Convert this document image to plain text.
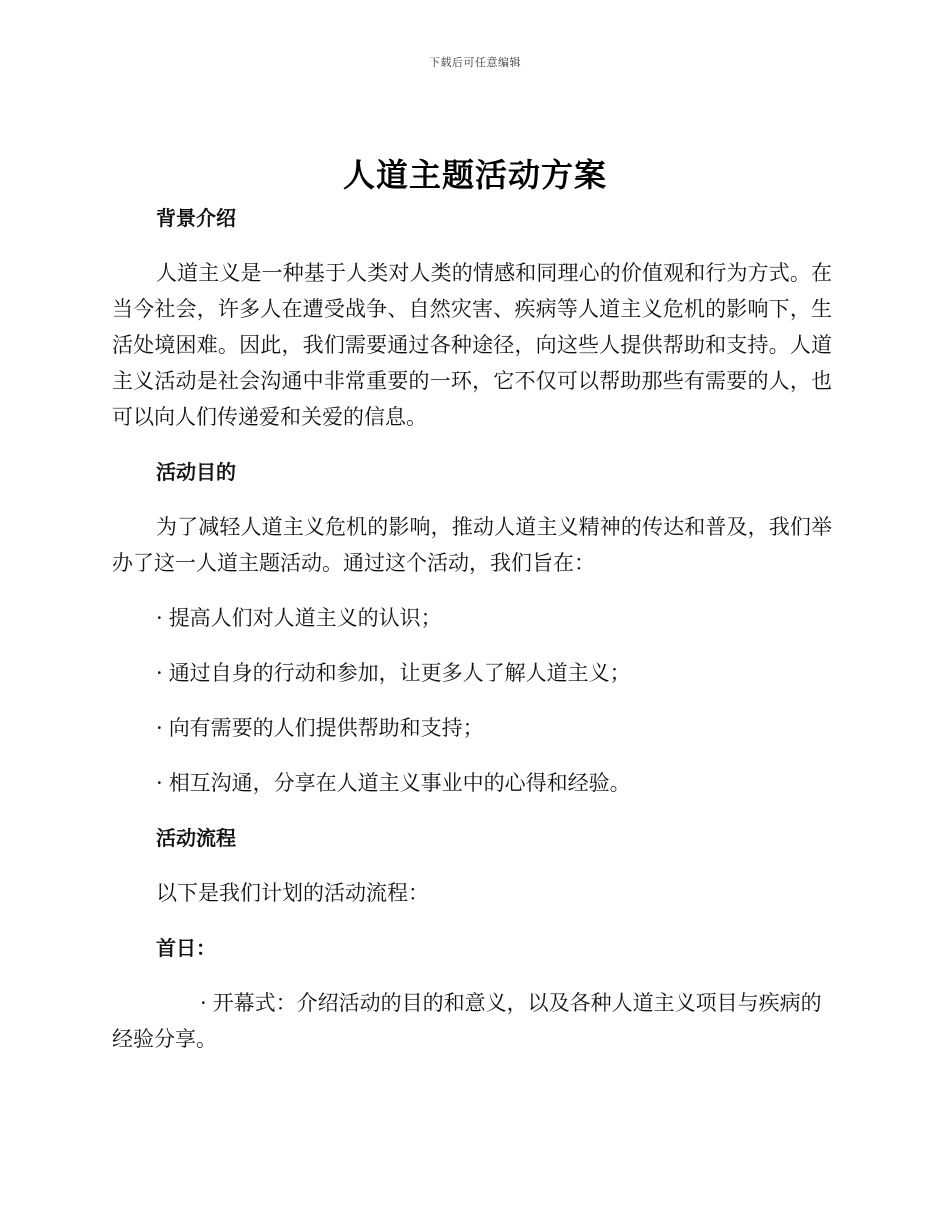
下载后可任意编辑
人道主题活动方案
背景介绍

人道主义是一种基于人类对人类的情感和同理心的价值观和行为方式。在当今社会，许多人在遭受战争、自然灾害、疾病等人道主义危机的影响下，生活处境困难。因此，我们需要通过各种途径，向这些人提供帮助和支持。人道主义活动是社会沟通中非常重要的一环，它不仅可以帮助那些有需要的人，也可以向人们传递爱和关爱的信息。

活动目的

为了减轻人道主义危机的影响，推动人道主义精神的传达和普及，我们举办了这一人道主题活动。通过这个活动，我们旨在：

· 提高人们对人道主义的认识；
· 通过自身的行动和参加，让更多人了解人道主义；
· 向有需要的人们提供帮助和支持；
· 相互沟通，分享在人道主义事业中的心得和经验。
活动流程

以下是我们计划的活动流程：

首日：

· 开幕式：介绍活动的目的和意义，以及各种人道主义项目与疾病的经验分享。
